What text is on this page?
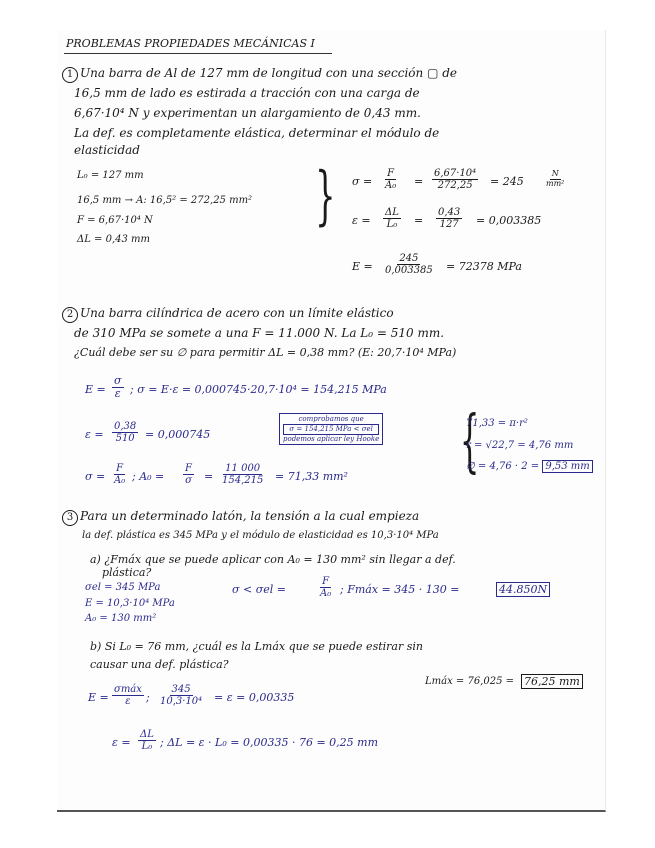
PROBLEMAS PROPIEDADES MECÁNICAS I
1 Una barra de Al de 127 mm de longitud con una sección ▢ de
16,5 mm de lado es estirada a tracción con una carga de
6,67·10⁴ N y experimentan un alargamiento de 0,43 mm.
La def. es completamente elástica, determinar el módulo de
elasticidad
L₀ = 127 mm
16,5 mm → A: 16,5² = 272,25 mm²
F = 6,67·10⁴ N
ΔL = 0,43 mm
} $\sigma = \frac{F}{\text{A₀}} = \frac{\text{6,67·10⁴}}{272,25} = 245$	$\frac{N}{\text{mm²}}$
$\varepsilon = \frac{\Delta L}{\text{L₀}} = \frac{0,43}{127} = 0,003385$
$E = \frac{245}{0,003385} = 72378$ MPa
2 Una barra cilíndrica de acero con un límite elástico
de 310 MPa se somete a una F = 11.000 N. La L₀ = 510 mm.
¿Cuál debe ser su ∅ para permitir ΔL = 0,38 mm? (E: 20,7·10⁴ MPa)
$E = \frac{\sigma}{\varepsilon}$ ; σ = E·ε = 0,000745·20,7·10⁴ = 154,215 MPa
$\varepsilon = \frac{0,38}{510} = 0,000745$
comprobamos que
σ = 154,215 MPa < σel
podemos aplicar ley Hooke
$\sigma = \frac{F}{\text{A₀}}$ ; $A_0 = \frac{F}{\sigma} = \frac{11 000}{154,215} = 71,33$ mm² {
71,33 = π·r²
r = √22,7 = 4,76 mm
∅ = 4,76 · 2 = 9,53 mm
3 Para un determinado latón, la tensión a la cual empieza
la def. plástica es 345 MPa y el módulo de elasticidad es 10,3·10⁴ MPa
a) ¿Fmáx que se puede aplicar con A₀ = 130 mm² sin llegar a def.
plástica?
σel = 345 MPa
E = 10,3·10⁴ MPa
A₀ = 130 mm²
σ < σel =	$\frac{F}{\text{A₀}}$ ; Fmáx = 345 · 130 =	44.850N
b) Si L₀ = 76 mm, ¿cuál es la Lmáx que se puede estirar sin
causar una def. plástica?
Lmáx = 76,025 = 76,25 mm
E =
σmáx
ε ; $\frac{345}{\text{10,3·10⁴}} = \varepsilon = 0,00335$
$\varepsilon = \frac{\Delta L}{\text{L₀}}$ ; ΔL = ε · L₀ = 0,00335 · 76 = 0,25 mm
